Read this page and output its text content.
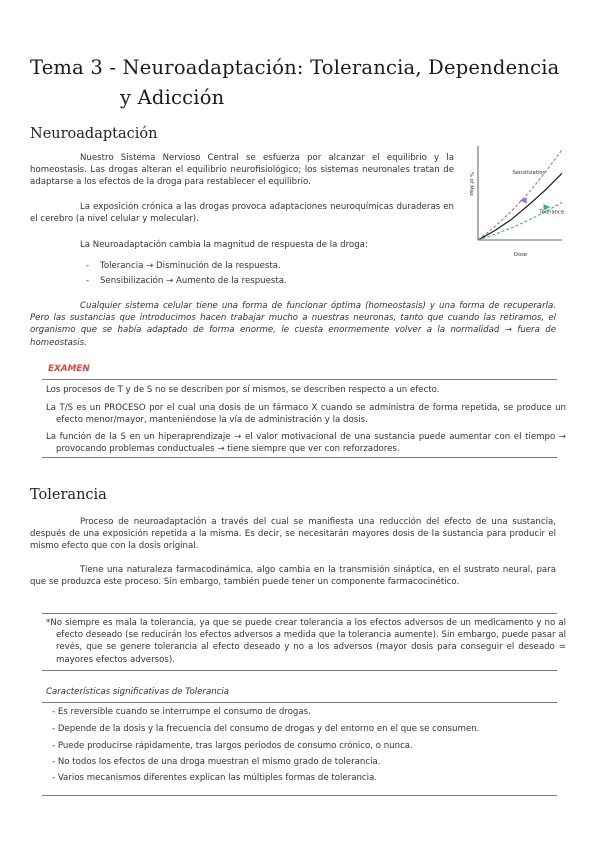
Tema 3 - Neuroadaptación: Tolerancia, Dependencia
y Adicción
Neuroadaptación
Nuestro Sistema Nervioso Central se esfuerza por alcanzar el equilibrio y la homeostasis. Las drogas alteran el equilibrio neurofisiológico; los sistemas neuronales tratan de adaptarse a los efectos de la droga para restablecer el equilibrio.
La exposición crónica a las drogas provoca adaptaciones neuroquímicas duraderas en el cerebro (a nivel celular y molecular).
La Neuroadaptación cambia la magnitud de respuesta de la droga:
-    Tolerancia → Disminución de la respuesta.
-    Sensibilización → Aumento de la respuesta.
Cualquier sistema celular tiene una forma de funcionar óptima (homeostasis) y una forma de recuperarla. Pero las sustancias que introducimos hacen trabajar mucho a nuestras neuronas, tanto que cuando las retiramos, el organismo que se había adaptado de forma enorme, le cuesta enormemente volver a la normalidad → fuera de homeostasis.
Sensitization
Tolerance
Dose
% of Max
EXAMEN
Los procesos de T y de S no se describen por sí mismos, se describen respecto a un efecto.
La T/S es un PROCESO por el cual una dosis de un fármaco X cuando se administra de forma repetida, se produce un efecto menor/mayor, manteniéndose la vía de administración y la dosis.
La función de la S en un hiperaprendizaje → el valor motivacional de una sustancia puede aumentar con el tiempo → provocando problemas conductuales → tiene siempre que ver con reforzadores.
Tolerancia
Proceso de neuroadaptación a través del cual se manifiesta una reducción del efecto de una sustancia, después de una exposición repetida a la misma. Es decir, se necesitarán mayores dosis de la sustancia para producir el mismo efecto que con la dosis original.
Tiene una naturaleza farmacodinámica, algo cambia en la transmisión sináptica, en el sustrato neural, para que se produzca este proceso. Sin embargo, también puede tener un componente farmacocinético.
*No siempre es mala la tolerancia, ya que se puede crear tolerancia a los efectos adversos de un medicamento y no al efecto deseado (se reducirán los efectos adversos a medida que la tolerancia aumente). Sin embargo, puede pasar al revés, que se genere tolerancia al efecto deseado y no a los adversos (mayor dosis para conseguir el deseado = mayores efectos adversos).
Características significativas de Tolerancia
- Es reversible cuando se interrumpe el consumo de drogas.
- Depende de la dosis y la frecuencia del consumo de drogas y del entorno en el que se consumen.
- Puede producirse rápidamente, tras largos periodos de consumo crónico, o nunca.
- No todos los efectos de una droga muestran el mismo grado de tolerancia.
- Varios mecanismos diferentes explican las múltiples formas de tolerancia.
